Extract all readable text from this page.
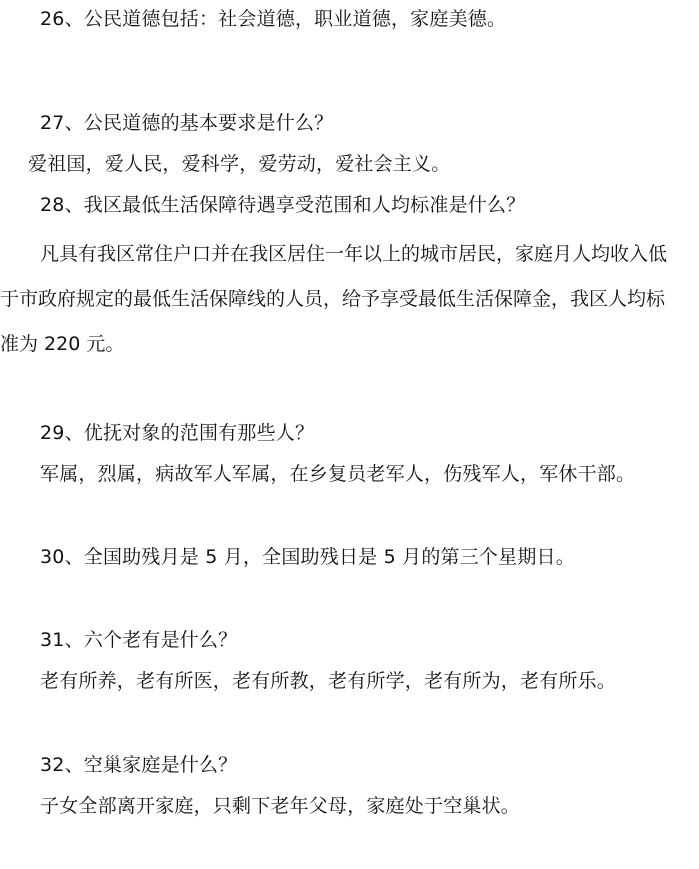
26、公民道德包括：社会道德，职业道德，家庭美德。
27、公民道德的基本要求是什么？
爱祖国，爱人民，爱科学，爱劳动，爱社会主义。
28、我区最低生活保障待遇享受范围和人均标准是什么？
凡具有我区常住户口并在我区居住一年以上的城市居民，家庭月人均收入低
于市政府规定的最低生活保障线的人员，给予享受最低生活保障金，我区人均标
准为 220 元。
29、优抚对象的范围有那些人？
军属，烈属，病故军人军属，在乡复员老军人，伤残军人，军休干部。
30、全国助残月是 5 月，全国助残日是 5 月的第三个星期日。
31、六个老有是什么？
老有所养，老有所医，老有所教，老有所学，老有所为，老有所乐。
32、空巢家庭是什么？
子女全部离开家庭，只剩下老年父母，家庭处于空巢状。
